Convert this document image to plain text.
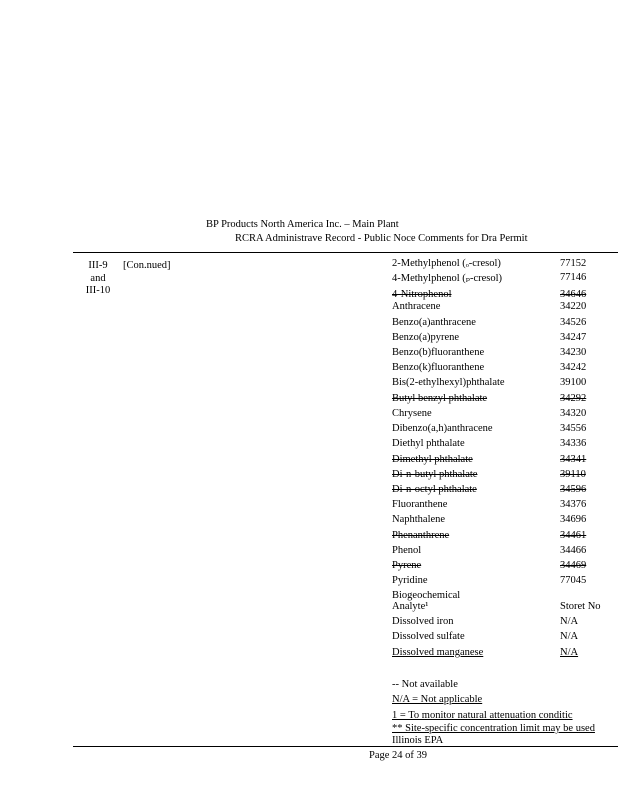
BP Products North America Inc. – Main Plant
RCRA Administrave Record - Public Noce Comments for Dra Permit
III-9
and
III-10
[Con.nued]	2-Methylphenol (ₒ-cresol)	77152
4-Methylphenol (ₚ-cresol)	77146
4-Nitrophenol	34646
Anthracene	34220
Benzo(a)anthracene	34526
Benzo(a)pyrene	34247
Benzo(b)fluoranthene	34230
Benzo(k)fluoranthene	34242
Bis(2-ethylhexyl)phthalate	39100
Butyl benzyl phthalate	34292
Chrysene	34320
Dibenzo(a,h)anthracene	34556
Diethyl phthalate	34336
Dimethyl phthalate	34341
Di-n-butyl phthalate	39110
Di-n-octyl phthalate	34596
Fluoranthene	34376
Naphthalene	34696
Phenanthrene	34461
Phenol	34466
Pyrene	34469
Pyridine	77045
Biogeochemical
Analyte¹	Storet No
Dissolved iron	N/A
Dissolved sulfate	N/A
Dissolved manganese	N/A
-- Not available
N/A = Not applicable
1 = To monitor natural attenuation conditic
** Site-specific concentration limit may be used
Illinois EPA
Page 24 of 39
